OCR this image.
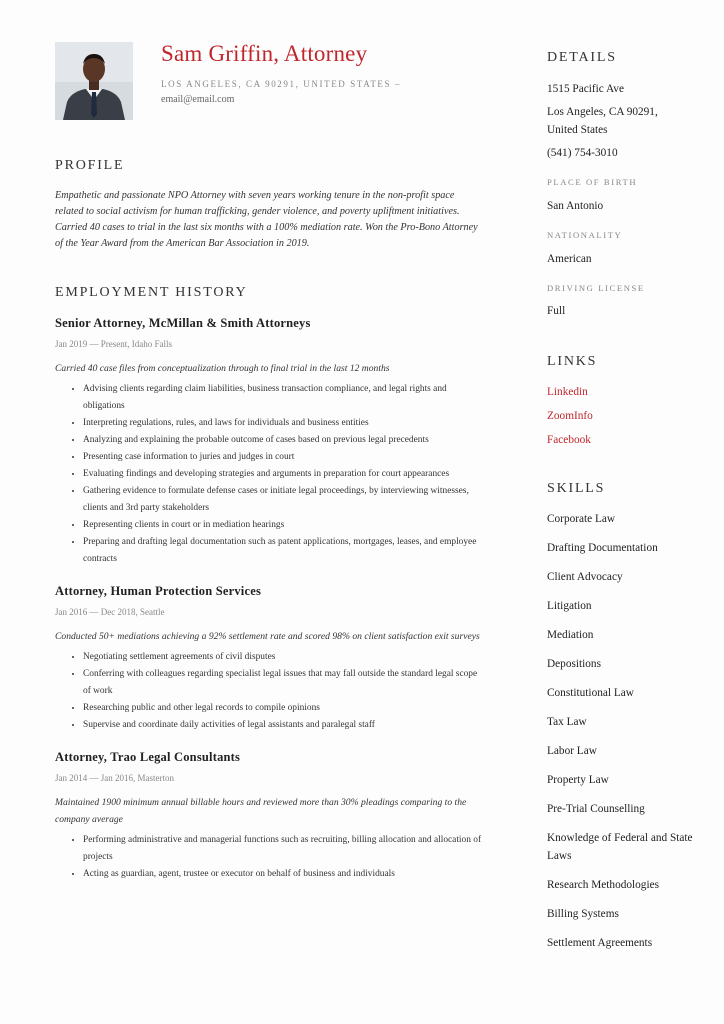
Sam Griffin, Attorney
LOS ANGELES, CA 90291, UNITED STATES –
email@email.com
PROFILE

Empathetic and passionate NPO Attorney with seven years working tenure in the non-profit space related to social activism for human trafficking, gender violence, and poverty upliftment initiatives. Carried 40 cases to trial in the last six months with a 100% mediation rate. Won the Pro-Bono Attorney of the Year Award from the American Bar Association in 2019.

EMPLOYMENT HISTORY
Senior Attorney, McMillan & Smith Attorneys

Jan 2019 — Present, Idaho Falls

Carried 40 case files from conceptualization through to final trial in the last 12 months

• Advising clients regarding claim liabilities, business transaction compliance, and legal rights and obligations
• Interpreting regulations, rules, and laws for individuals and business entities
• Analyzing and explaining the probable outcome of cases based on previous legal precedents
• Presenting case information to juries and judges in court
• Evaluating findings and developing strategies and arguments in preparation for court appearances
• Gathering evidence to formulate defense cases or initiate legal proceedings, by interviewing witnesses, clients and 3rd party stakeholders
• Representing clients in court or in mediation hearings
• Preparing and drafting legal documentation such as patent applications, mortgages, leases, and employee contracts
Attorney, Human Protection Services

Jan 2016 — Dec 2018, Seattle

Conducted 50+ mediations achieving a 92% settlement rate and scored 98% on client satisfaction exit surveys

• Negotiating settlement agreements of civil disputes
• Conferring with colleagues regarding specialist legal issues that may fall outside the standard legal scope of work
• Researching public and other legal records to compile opinions
• Supervise and coordinate daily activities of legal assistants and paralegal staff
Attorney, Trao Legal Consultants

Jan 2014 — Jan 2016, Masterton

Maintained 1900 minimum annual billable hours and reviewed more than 30% pleadings comparing to the company average

• Performing administrative and managerial functions such as recruiting, billing allocation and allocation of projects
• Acting as guardian, agent, trustee or executor on behalf of business and individuals
DETAILS

1515 Pacific Ave

Los Angeles, CA 90291,

United States

(541) 754-3010

PLACE OF BIRTH

San Antonio

NATIONALITY

American

DRIVING LICENSE

Full

LINKS
Linkedin
ZoomInfo
Facebook
SKILLS

Corporate Law

Drafting Documentation

Client Advocacy

Litigation

Mediation

Depositions

Constitutional Law

Tax Law

Labor Law

Property Law

Pre-Trial Counselling

Knowledge of Federal and State Laws

Research Methodologies

Billing Systems

Settlement Agreements
